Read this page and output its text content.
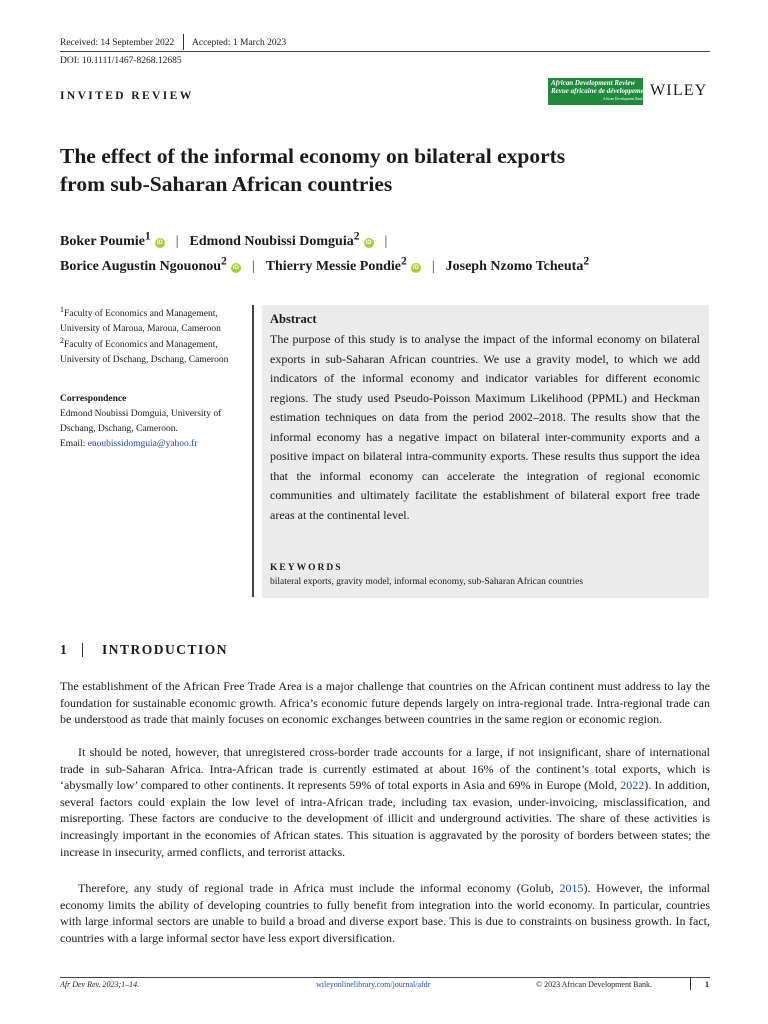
Received: 14 September 2022 Accepted: 1 March 2023
DOI: 10.1111/1467-8268.12685
INVITED REVIEW
African Development Review
Revue africaine de développement
African Development Bank Banque Africaine de Développement
WILEY
The effect of the informal economy on bilateral exports
from sub-Saharan African countries
Boker Poumie$^1$iD | Edmond Noubissi Domguia$^2$iD |
Borice Augustin Ngouonou$^2$iD | Thierry Messie Pondie$^2$iD | Joseph Nzomo Tcheuta$^2$
$^1$Faculty of Economics and Management, University of Maroua, Maroua, Cameroon
$^2$Faculty of Economics and Management, University of Dschang, Dschang, Cameroon
Correspondence
Edmond Noubissi Domguia, University of Dschang, Dschang, Cameroon.
Email: enoubissidomguia@yahoo.fr
Abstract
The purpose of this study is to analyse the impact of the informal economy on bilateral exports in sub-Saharan African countries. We use a gravity model, to which we add indicators of the informal economy and indicator variables for different economic regions. The study used Pseudo-Poisson Maximum Likelihood (PPML) and Heckman estimation techniques on data from the period 2002–2018. The results show that the informal economy has a negative impact on bilateral inter-community exports and a positive impact on bilateral intra-community exports. These results thus support the idea that the informal economy can accelerate the integration of regional economic communities and ultimately facilitate the establishment of bilateral export free trade areas at the continental level.
KEYWORDS
bilateral exports, gravity model, informal economy, sub-Saharan African countries
1	INTRODUCTION

The establishment of the African Free Trade Area is a major challenge that countries on the African continent must address to lay the foundation for sustainable economic growth. Africa’s economic future depends largely on intra-regional trade. Intra-regional trade can be understood as trade that mainly focuses on economic exchanges between countries in the same region or economic region.

It should be noted, however, that unregistered cross-border trade accounts for a large, if not insignificant, share of international trade in sub-Saharan Africa. Intra-African trade is currently estimated at about 16% of the continent’s total exports, which is ‘abysmally low’ compared to other continents. It represents 59% of total exports in Asia and 69% in Europe (Mold, 2022). In addition, several factors could explain the low level of intra-African trade, including tax evasion, under-invoicing, misclassification, and misreporting. These factors are conducive to the development of illicit and underground activities. The share of these activities is increasingly important in the economies of African states. This situation is aggravated by the porosity of borders between states; the increase in insecurity, armed conflicts, and terrorist attacks.

Therefore, any study of regional trade in Africa must include the informal economy (Golub, 2015). However, the informal economy limits the ability of developing countries to fully benefit from integration into the world economy. In particular, countries with large informal sectors are unable to build a broad and diverse export base. This is due to constraints on business growth. In fact, countries with a large informal sector have less export diversification.

Afr Dev Rev. 2023;1–14.	wileyonlinelibrary.com/journal/afdr	© 2023 African Development Bank.	1
